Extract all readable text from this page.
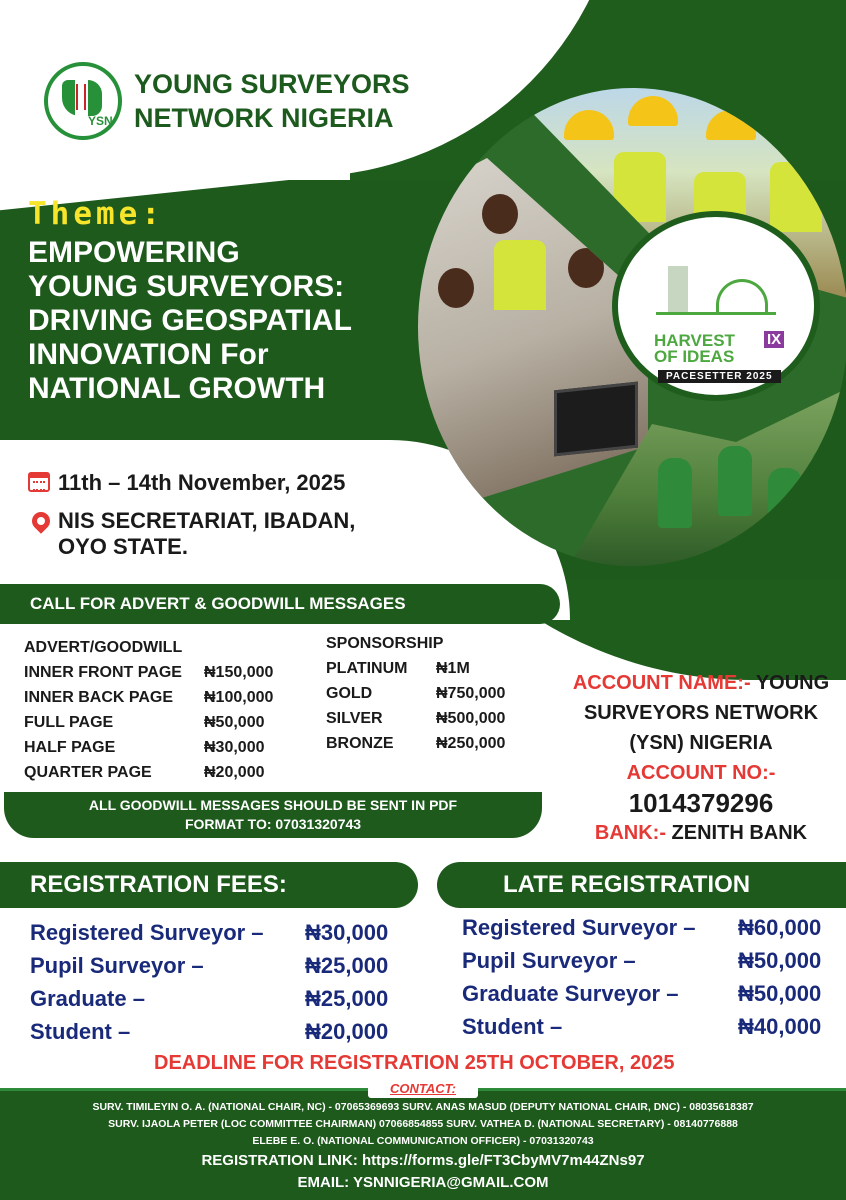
YSN
YOUNG SURVEYORS
NETWORK NIGERIA
Theme:
EMPOWERING
YOUNG SURVEYORS:
DRIVING GEOSPATIAL
INNOVATION For
NATIONAL GROWTH
HARVEST
OF IDEAS
IX
PACESETTER 2025
11th – 14th November, 2025
NIS SECRETARIAT, IBADAN,
OYO STATE.
CALL FOR ADVERT & GOODWILL MESSAGES
ADVERT/GOODWILL
INNER FRONT PAGE	₦150,000
INNER BACK PAGE	₦100,000
FULL PAGE	₦50,000
HALF PAGE	₦30,000
QUARTER PAGE	₦20,000
SPONSORSHIP
PLATINUM	₦1M
GOLD	₦750,000
SILVER	₦500,000
BRONZE	₦250,000
ALL GOODWILL MESSAGES SHOULD BE SENT IN PDF
FORMAT TO: 07031320743
ACCOUNT NAME:- YOUNG
SURVEYORS NETWORK
(YSN) NIGERIA
ACCOUNT NO:-
1014379296
BANK:- ZENITH BANK
REGISTRATION FEES:	LATE REGISTRATION
Registered Surveyor –	₦30,000
Pupil Surveyor –	₦25,000
Graduate –	₦25,000
Student –	₦20,000
Registered Surveyor –	₦60,000
Pupil Surveyor –	₦50,000
Graduate Surveyor –	₦50,000
Student –	₦40,000
DEADLINE FOR REGISTRATION 25TH OCTOBER, 2025
CONTACT:
SURV. TIMILEYIN O. A. (NATIONAL CHAIR, NC) - 07065369693 SURV. ANAS MASUD (DEPUTY NATIONAL CHAIR, DNC) - 08035618387
SURV. IJAOLA PETER (LOC COMMITTEE CHAIRMAN) 07066854855 SURV. VATHEA D. (NATIONAL SECRETARY) - 08140776888
ELEBE E. O. (NATIONAL COMMUNICATION OFFICER) - 07031320743
REGISTRATION LINK: https://forms.gle/FT3CbyMV7m44ZNs97
EMAIL: YSNNIGERIA@GMAIL.COM
